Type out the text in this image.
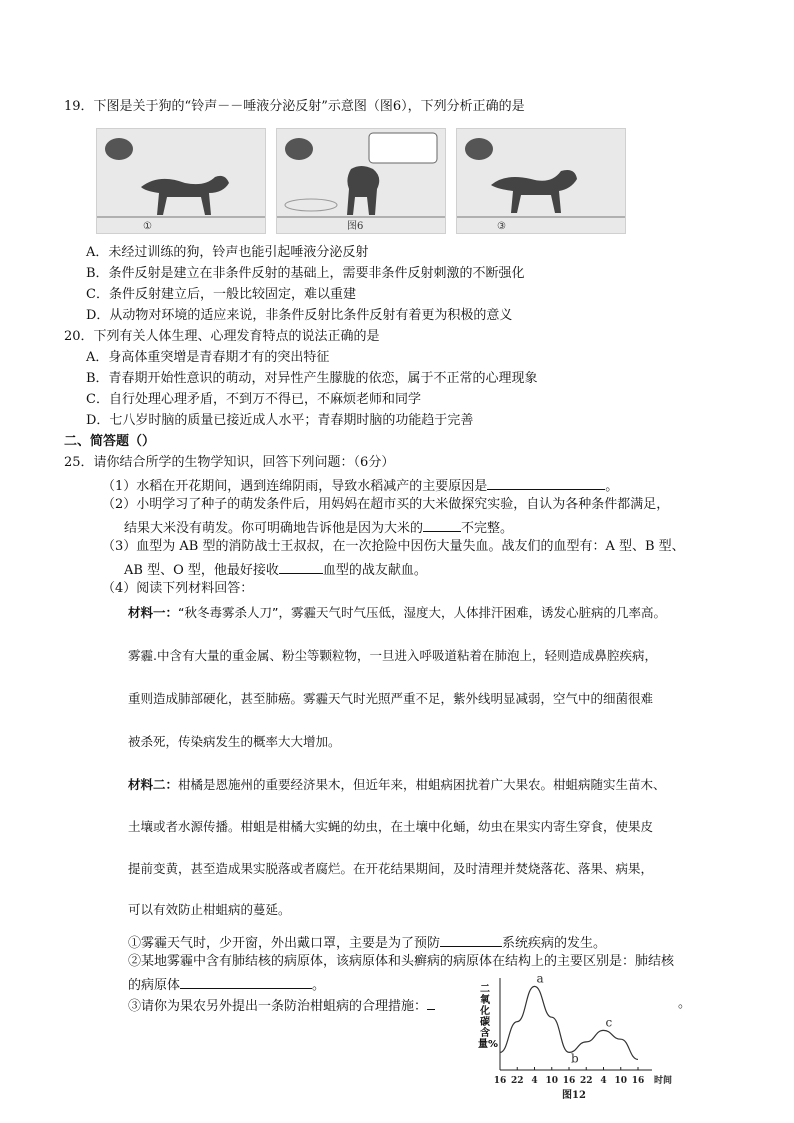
19．下图是关于狗的“铃声－－唾液分泌反射”示意图（图6），下列分析正确的是
①	图6	③
A．未经过训练的狗，铃声也能引起唾液分泌反射
B．条件反射是建立在非条件反射的基础上，需要非条件反射刺激的不断强化
C．条件反射建立后，一般比较固定，难以重建
D．从动物对环境的适应来说，非条件反射比条件反射有着更为积极的意义
20．下列有关人体生理、心理发育特点的说法正确的是
A．身高体重突增是青春期才有的突出特征
B．青春期开始性意识的萌动，对异性产生朦胧的依恋，属于不正常的心理现象
C．自行处理心理矛盾，不到万不得已，不麻烦老师和同学
D．七八岁时脑的质量已接近成人水平；青春期时脑的功能趋于完善
二、简答题（）
25．请你结合所学的生物学知识，回答下列问题：（6分）
（1）水稻在开花期间，遇到连绵阴雨，导致水稻减产的主要原因是	。
（2）小明学习了种子的萌发条件后，用妈妈在超市买的大米做探究实验，自认为各种条件都满足，
结果大米没有萌发。你可明确地告诉他是因为大米的	不完整。
（3）血型为 AB 型的消防战士王叔叔，在一次抢险中因伤大量失血。战友们的血型有：A 型、B 型、
AB 型、O 型，他最好接收	血型的战友献血。
（4）阅读下列材料回答：
材料一：“秋冬毒雾杀人刀”，雾霾天气时气压低，湿度大，人体排汗困难，诱发心脏病的几率高。
雾霾.中含有大量的重金属、粉尘等颗粒物，一旦进入呼吸道粘着在肺泡上，轻则造成鼻腔疾病，
重则造成肺部硬化，甚至肺癌。雾霾天气时光照严重不足，紫外线明显减弱，空气中的细菌很难
被杀死，传染病发生的概率大大增加。
材料二：柑橘是恩施州的重要经济果木，但近年来，柑蛆病困扰着广大果农。柑蛆病随实生苗木、
土壤或者水源传播。柑蛆是柑橘大实蝇的幼虫，在土壤中化蛹，幼虫在果实内寄生穿食，使果皮
提前变黄，甚至造成果实脱落或者腐烂。在开花结果期间，及时清理并焚烧落花、落果、病果，
可以有效防止柑蛆病的蔓延。
①雾霾天气时，少开窗，外出戴口罩，主要是为了预防	系统疾病的发生。
②某地雾霾中含有肺结核的病原体，该病原体和头癣病的病原体在结构上的主要区别是：肺结核
的病原体	。
③请你为果农另外提出一条防治柑蛆病的合理措施：	。
二氧化碳含量%
16 22 4 10 16 22 4 10 16 时间
a
b
c
图12
